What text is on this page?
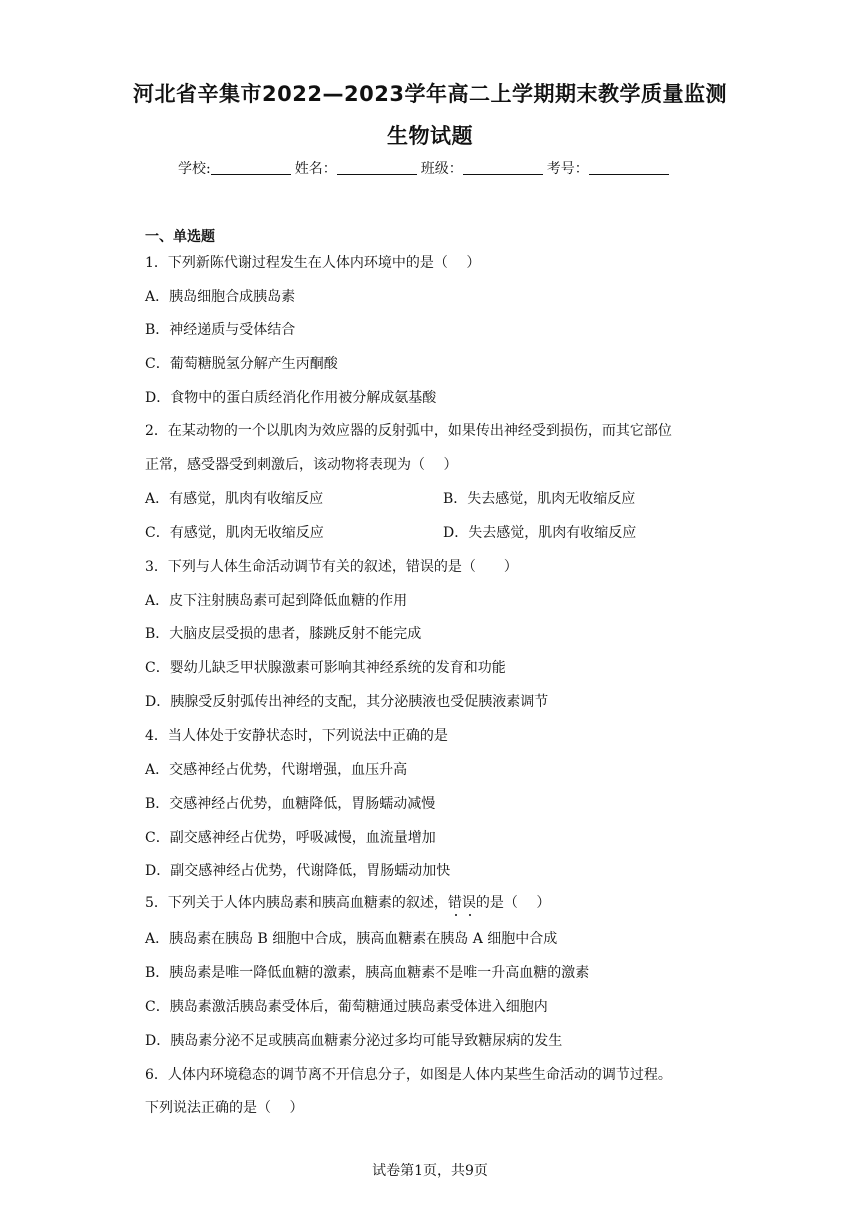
河北省辛集市2022—2023学年高二上学期期末教学质量监测
生物试题
学校:	姓名：	班级：	考号：
一、单选题
1．下列新陈代谢过程发生在人体内环境中的是（　 ）
A．胰岛细胞合成胰岛素
B．神经递质与受体结合
C．葡萄糖脱氢分解产生丙酮酸
D．食物中的蛋白质经消化作用被分解成氨基酸
2．在某动物的一个以肌肉为效应器的反射弧中，如果传出神经受到损伤，而其它部位
正常，感受器受到刺激后，该动物将表现为（　 ）
A．有感觉，肌肉有收缩反应	B．失去感觉，肌肉无收缩反应
C．有感觉，肌肉无收缩反应	D．失去感觉，肌肉有收缩反应
3．下列与人体生命活动调节有关的叙述，错误的是（　　）
A．皮下注射胰岛素可起到降低血糖的作用
B．大脑皮层受损的患者，膝跳反射不能完成
C．婴幼儿缺乏甲状腺激素可影响其神经系统的发育和功能
D．胰腺受反射弧传出神经的支配，其分泌胰液也受促胰液素调节
4．当人体处于安静状态时，下列说法中正确的是
A．交感神经占优势，代谢增强，血压升高
B．交感神经占优势，血糖降低，胃肠蠕动减慢
C．副交感神经占优势，呼吸减慢，血流量增加
D．副交感神经占优势，代谢降低，胃肠蠕动加快
5．下列关于人体内胰岛素和胰高血糖素的叙述，错误的是（　 ）
A．胰岛素在胰岛 B 细胞中合成，胰高血糖素在胰岛 A 细胞中合成
B．胰岛素是唯一降低血糖的激素，胰高血糖素不是唯一升高血糖的激素
C．胰岛素激活胰岛素受体后，葡萄糖通过胰岛素受体进入细胞内
D．胰岛素分泌不足或胰高血糖素分泌过多均可能导致糖尿病的发生
6．人体内环境稳态的调节离不开信息分子，如图是人体内某些生命活动的调节过程。
下列说法正确的是（　 ）
试卷第1页，共9页
